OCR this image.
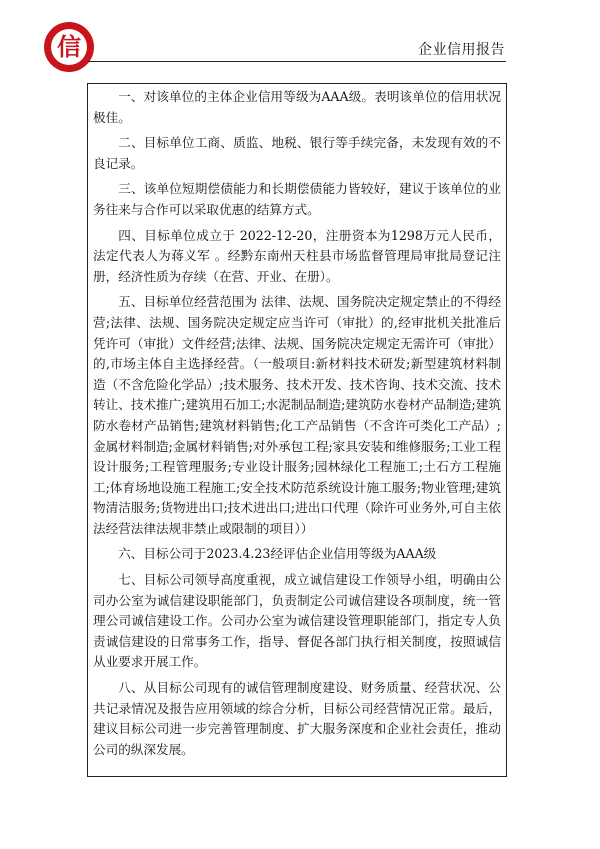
信	企业信用报告

一、对该单位的主体企业信用等级为AAA级。表明该单位的信用状况极佳。

二、目标单位工商、质监、地税、银行等手续完备，未发现有效的不良记录。

三、该单位短期偿债能力和长期偿债能力皆较好，建议于该单位的业务往来与合作可以采取优惠的结算方式。

四、目标单位成立于 2022-12-20，注册资本为1298万元人民币，法定代表人为蒋义军 。经黔东南州天柱县市场监督管理局审批局登记注册，经济性质为存续（在营、开业、在册）。

五、目标单位经营范围为 法律、法规、国务院决定规定禁止的不得经营;法律、法规、国务院决定规定应当许可（审批）的,经审批机关批准后凭许可（审批）文件经营;法律、法规、国务院决定规定无需许可（审批）的,市场主体自主选择经营。（一般项目:新材料技术研发;新型建筑材料制造（不含危险化学品）;技术服务、技术开发、技术咨询、技术交流、技术转让、技术推广;建筑用石加工;水泥制品制造;建筑防水卷材产品制造;建筑防水卷材产品销售;建筑材料销售;化工产品销售（不含许可类化工产品）;金属材料制造;金属材料销售;对外承包工程;家具安装和维修服务;工业工程设计服务;工程管理服务;专业设计服务;园林绿化工程施工;土石方工程施工;体育场地设施工程施工;安全技术防范系统设计施工服务;物业管理;建筑物清洁服务;货物进出口;技术进出口;进出口代理（除许可业务外,可自主依法经营法律法规非禁止或限制的项目））

六、目标公司于2023.4.23经评估企业信用等级为AAA级

七、目标公司领导高度重视，成立诚信建设工作领导小组，明确由公司办公室为诚信建设职能部门，负责制定公司诚信建设各项制度，统一管理公司诚信建设工作。公司办公室为诚信建设管理职能部门，指定专人负责诚信建设的日常事务工作，指导、督促各部门执行相关制度，按照诚信从业要求开展工作。

八、从目标公司现有的诚信管理制度建设、财务质量、经营状况、公共记录情况及报告应用领域的综合分析，目标公司经营情况正常。最后，建议目标公司进一步完善管理制度、扩大服务深度和企业社会责任，推动公司的纵深发展。
